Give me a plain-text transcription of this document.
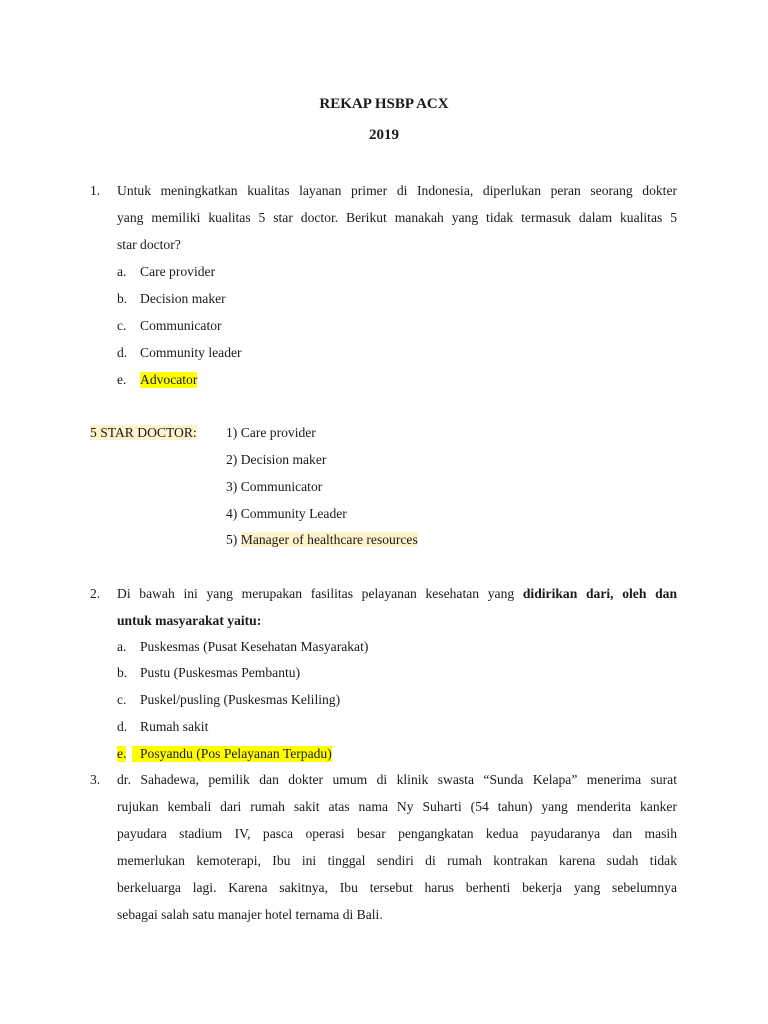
REKAP HSBP ACX
2019
1. Untuk meningkatkan kualitas layanan primer di Indonesia, diperlukan peran seorang dokter
yang memiliki kualitas 5 star doctor. Berikut manakah yang tidak termasuk dalam kualitas 5
star doctor?
a. Care provider
b. Decision maker
c. Communicator
d. Community leader
e. Advocator
5 STAR DOCTOR: 1) Care provider
2) Decision maker
3) Communicator
4) Community Leader
5) Manager of healthcare resources
2. Di bawah ini yang merupakan fasilitas pelayanan kesehatan yang didirikan dari, oleh dan
untuk masyarakat yaitu:
a. Puskesmas (Pusat Kesehatan Masyarakat)
b. Pustu (Puskesmas Pembantu)
c. Puskel/pusling (Puskesmas Keliling)
d. Rumah sakit
e. Posyandu (Pos Pelayanan Terpadu)
3. dr. Sahadewa, pemilik dan dokter umum di klinik swasta “Sunda Kelapa” menerima surat
rujukan kembali dari rumah sakit atas nama Ny Suharti (54 tahun) yang menderita kanker
payudara stadium IV, pasca operasi besar pengangkatan kedua payudaranya dan masih
memerlukan kemoterapi, Ibu ini tinggal sendiri di rumah kontrakan karena sudah tidak
berkeluarga lagi. Karena sakitnya, Ibu tersebut harus berhenti bekerja yang sebelumnya
sebagai salah satu manajer hotel ternama di Bali.
